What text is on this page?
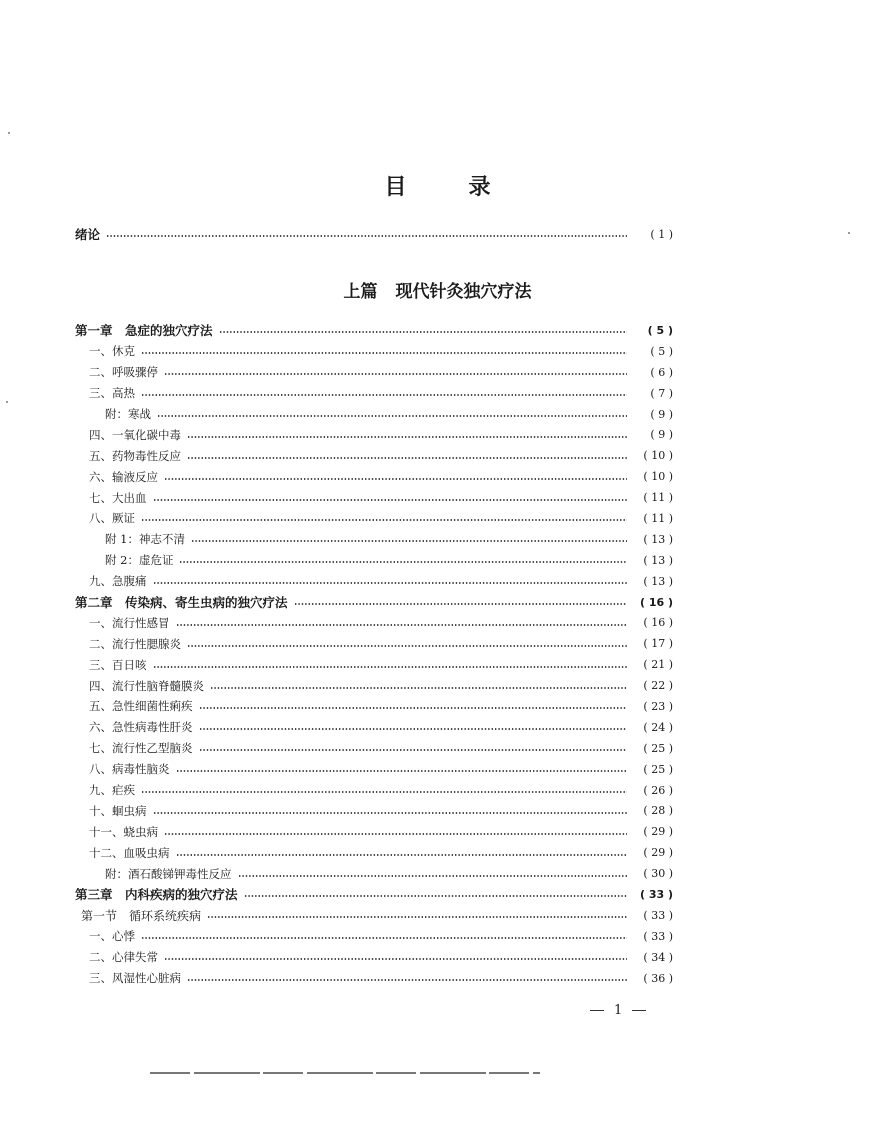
目	录
绪论	( 1 )
上篇 现代针灸独穴疗法
第一章　急症的独穴疗法	( 5 )
一、休克	( 5 )
二、呼吸骤停	( 6 )
三、高热	( 7 )
附：寒战	( 9 )
四、一氧化碳中毒	( 9 )
五、药物毒性反应	( 10 )
六、输液反应	( 10 )
七、大出血	( 11 )
八、厥证	( 11 )
附 1：神志不清	( 13 )
附 2：虚危证	( 13 )
九、急腹痛	( 13 )
第二章　传染病、寄生虫病的独穴疗法	( 16 )
一、流行性感冒	( 16 )
二、流行性腮腺炎	( 17 )
三、百日咳	( 21 )
四、流行性脑脊髓膜炎	( 22 )
五、急性细菌性痢疾	( 23 )
六、急性病毒性肝炎	( 24 )
七、流行性乙型脑炎	( 25 )
八、病毒性脑炎	( 25 )
九、疟疾	( 26 )
十、蛔虫病	( 28 )
十一、蛲虫病	( 29 )
十二、血吸虫病	( 29 )
附：酒石酸锑钾毒性反应	( 30 )
第三章　内科疾病的独穴疗法	( 33 )
第一节　循环系统疾病	( 33 )
一、心悸	( 33 )
二、心律失常	( 34 )
三、风湿性心脏病	( 36 )
1
